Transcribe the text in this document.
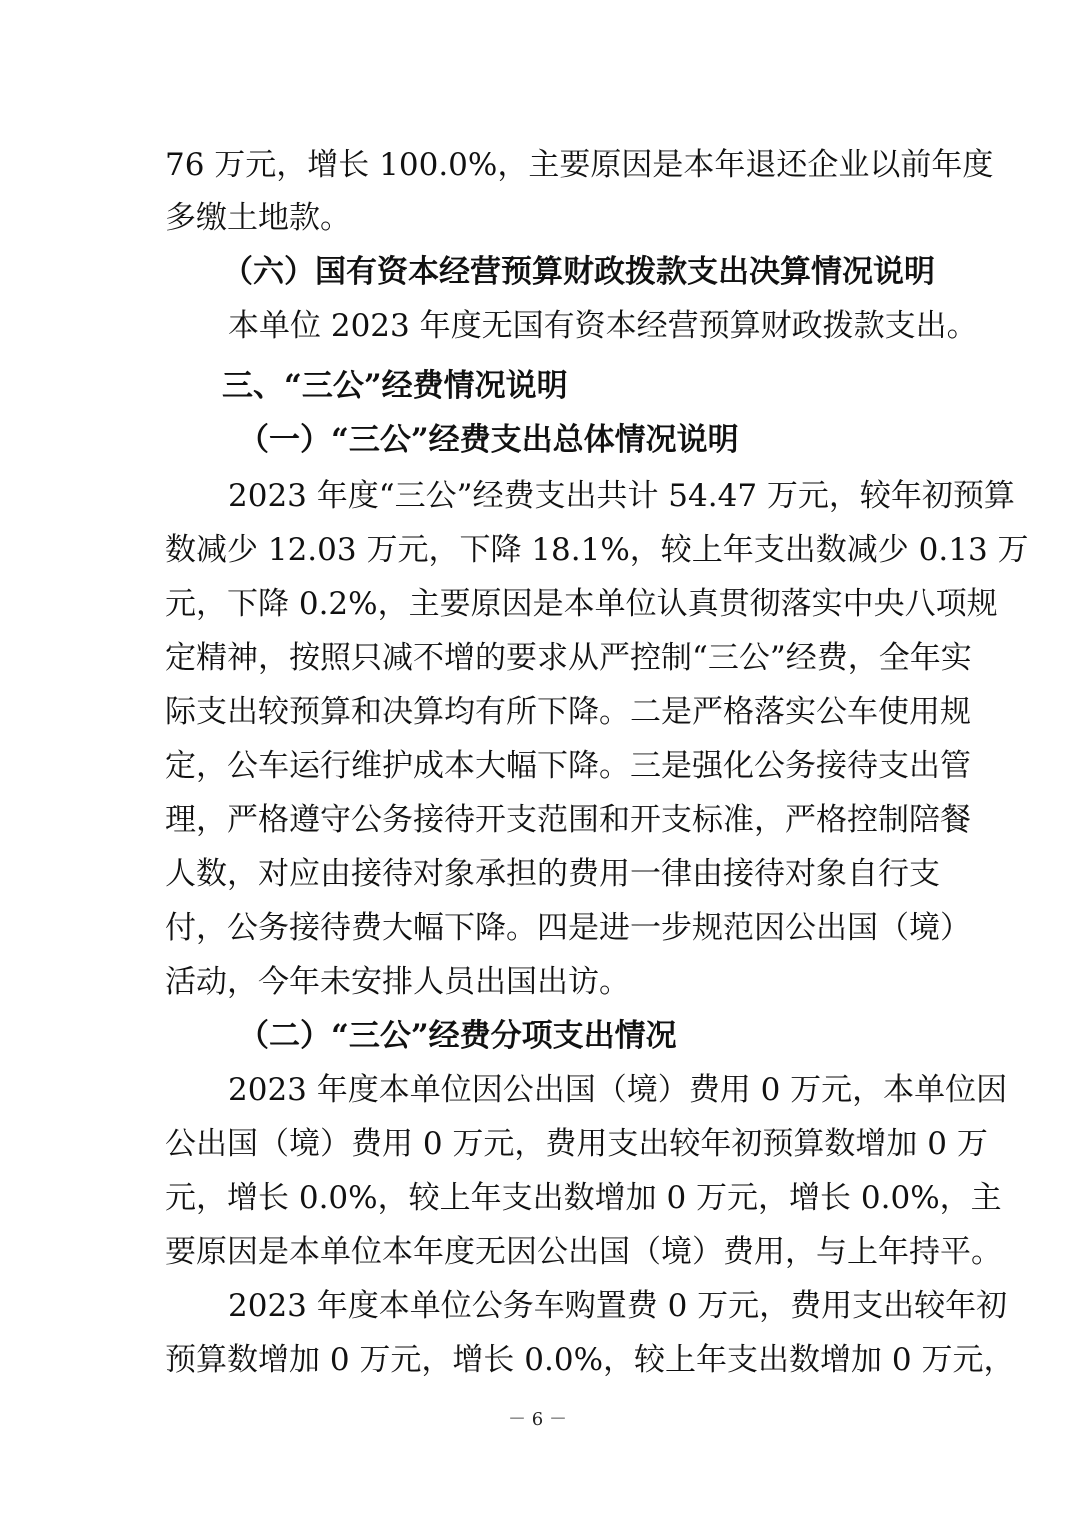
76 万元，增长 100.0%，主要原因是本年退还企业以前年度
多缴土地款。
（六）国有资本经营预算财政拨款支出决算情况说明
本单位 2023 年度无国有资本经营预算财政拨款支出。
三、“三公”经费情况说明
（一）“三公”经费支出总体情况说明
2023 年度“三公”经费支出共计 54.47 万元，较年初预算
数减少 12.03 万元，下降 18.1%，较上年支出数减少 0.13 万
元，下降 0.2%，主要原因是本单位认真贯彻落实中央八项规
定精神，按照只减不增的要求从严控制“三公”经费，全年实
际支出较预算和决算均有所下降。二是严格落实公车使用规
定，公车运行维护成本大幅下降。三是强化公务接待支出管
理，严格遵守公务接待开支范围和开支标准，严格控制陪餐
人数，对应由接待对象承担的费用一律由接待对象自行支
付，公务接待费大幅下降。四是进一步规范因公出国（境）
活动，今年未安排人员出国出访。
（二）“三公”经费分项支出情况
2023 年度本单位因公出国（境）费用 0 万元，本单位因
公出国（境）费用 0 万元，费用支出较年初预算数增加 0 万
元，增长 0.0%，较上年支出数增加 0 万元，增长 0.0%，主
要原因是本单位本年度无因公出国（境）费用，与上年持平。
2023 年度本单位公务车购置费 0 万元，费用支出较年初
预算数增加 0 万元，增长 0.0%，较上年支出数增加 0 万元，
－ 6 －
